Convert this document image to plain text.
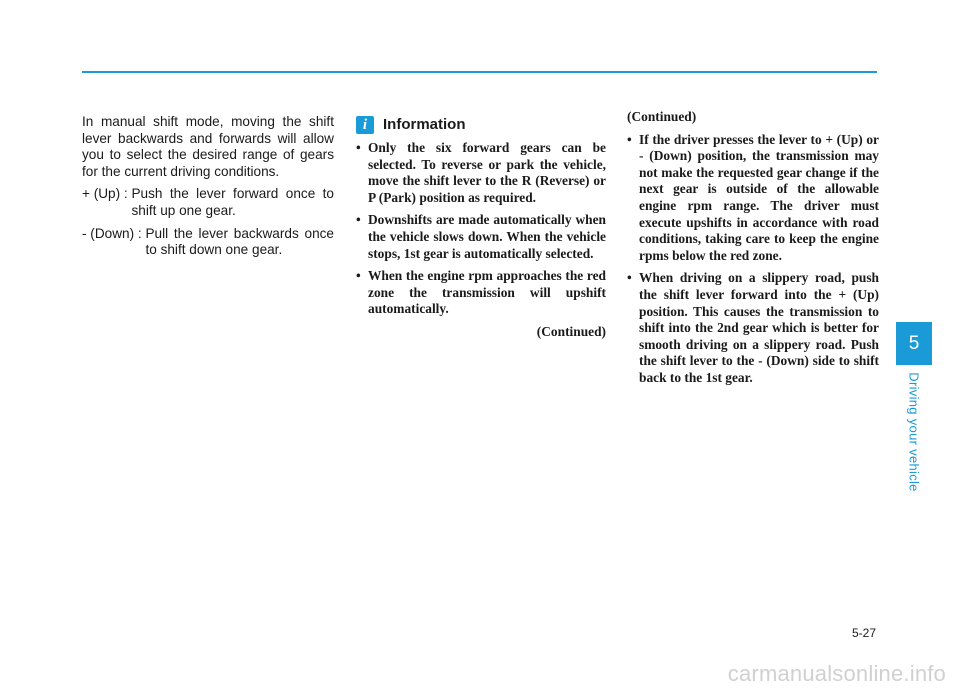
In manual shift mode, moving the shift lever backwards and forwards will allow you to select the desired range of gears for the current driving conditions.

+ (Up) : Push the lever forward once to shift up one gear.
- (Down) : Pull the lever backwards once to shift down one gear.
i	Information
• Only the six forward gears can be selected. To reverse or park the vehicle, move the shift lever to the R (Reverse) or P (Park) position as required.
• Downshifts are made automatically when the vehicle slows down. When the vehicle stops, 1st gear is automatically selected.
• When the engine rpm approaches the red zone the transmission will upshift automatically.
(Continued)
(Continued)
• If the driver presses the lever to + (Up) or - (Down) position, the transmission may not make the requested gear change if the next gear is outside of the allowable engine rpm range. The driver must execute upshifts in accordance with road conditions, taking care to keep the engine rpms below the red zone.
• When driving on a slippery road, push the shift lever forward into the + (Up) position. This causes the transmission to shift into the 2nd gear which is better for smooth driving on a slippery road. Push the shift lever to the - (Down) side to shift back to the 1st gear.
5
Driving your vehicle
5-27
carmanualsonline.info
